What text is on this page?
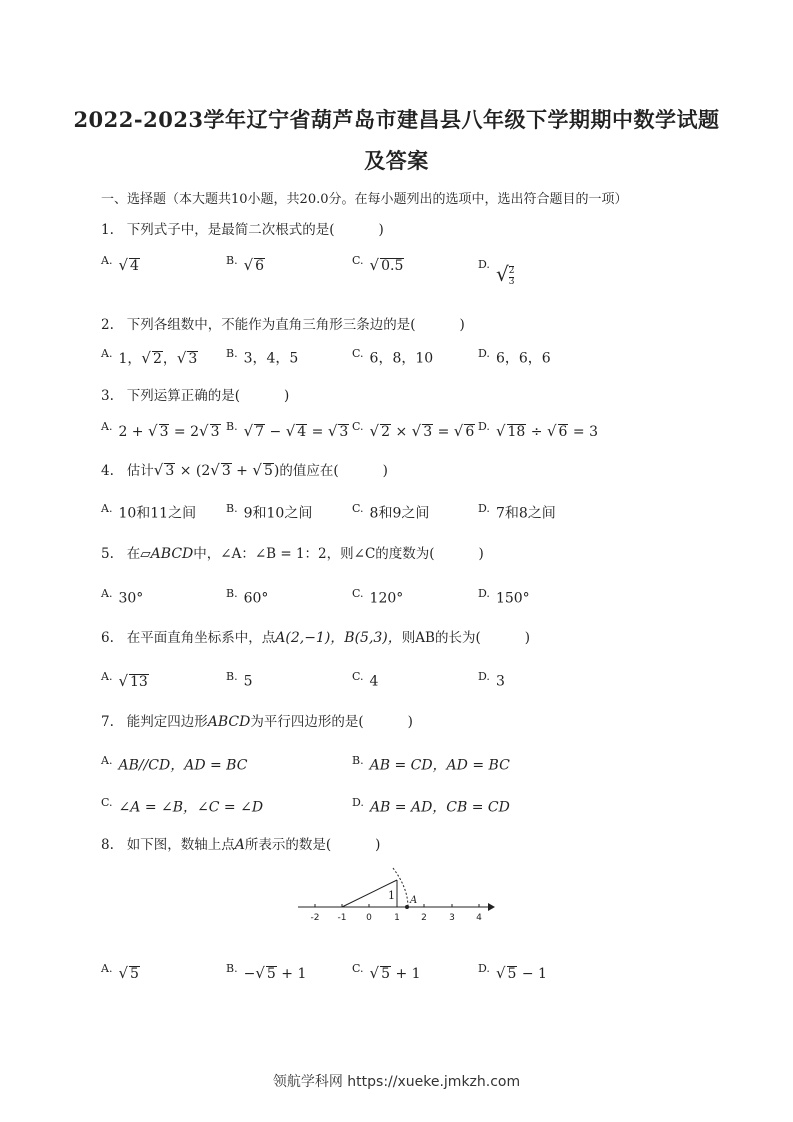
2022-2023学年辽宁省葫芦岛市建昌县八年级下学期期中数学试题
及答案
一、选择题（本大题共10小题，共20.0分。在每小题列出的选项中，选出符合题目的一项）
1. 下列式子中，是最简二次根式的是(	)
$^{A.}$ √ 4	$^{B.}$ √ 6	$^{C.}$ √ 0.5	$^{D.}$ √ $\frac{2}{3}$
2. 下列各组数中，不能作为直角三角形三条边的是(	)
$^{A.}$ 1，√ 2，√ 3	$^{B.}$ 3，4，5	$^{C.}$ 6，8，10	$^{D.}$ 6，6，6
3. 下列运算正确的是(	)
$^{A.}$ 2 + √ 3 = 2√ 3 $^{B.}$ √ 7 − √ 4 = √ 3 $^{C.}$ √ 2 × √ 3 = √ 6 $^{D.}$ √ 18 ÷ √ 6 = 3
4. 估计√ 3 × (2√ 3 + √ 5)的值应在(	)
$^{A.}$ 10和11之间	$^{B.}$ 9和10之间	$^{C.}$ 8和9之间	$^{D.}$ 7和8之间
5. 在▱ABCD中，∠A：∠B = 1：2，则∠C的度数为(	)
$^{A.}$ 30°	$^{B.}$ 60°	$^{C.}$ 120°	$^{D.}$ 150°
6. 在平面直角坐标系中，点A(2,−1)，B(5,3)，则AB的长为(	)
$^{A.}$ √ 13	$^{B.}$ 5	$^{C.}$ 4	$^{D.}$ 3
7. 能判定四边形ABCD为平行四边形的是(	)
$^{A.}$ AB//CD，AD = BC	$^{B.}$ AB = CD，AD = BC
$^{C.}$ ∠A = ∠B，∠C = ∠D	$^{D.}$ AB = AD，CB = CD
8. 如下图，数轴上点A所表示的数是(	)
-2 -1 0 1 2 3 4
1 A
$^{A.}$ √ 5	$^{B.}$ −√ 5 + 1	$^{C.}$ √ 5 + 1	$^{D.}$ √ 5 − 1
领航学科网 https://xueke.jmkzh.com
